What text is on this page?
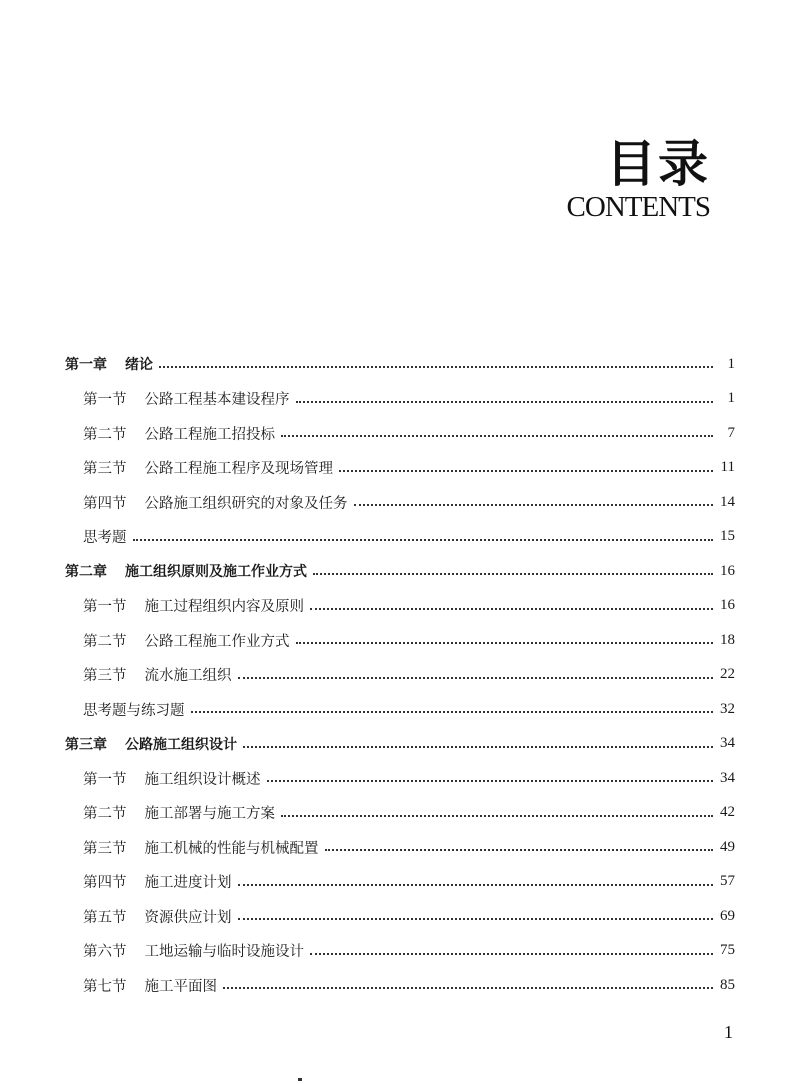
目录
CONTENTS
第一章 绪论	1
第一节 公路工程基本建设程序	1
第二节 公路工程施工招投标	7
第三节 公路工程施工程序及现场管理	11
第四节 公路施工组织研究的对象及任务	14
思考题	15
第二章 施工组织原则及施工作业方式	16
第一节 施工过程组织内容及原则	16
第二节 公路工程施工作业方式	18
第三节 流水施工组织	22
思考题与练习题	32
第三章 公路施工组织设计	34
第一节 施工组织设计概述	34
第二节 施工部署与施工方案	42
第三节 施工机械的性能与机械配置	49
第四节 施工进度计划	57
第五节 资源供应计划	69
第六节 工地运输与临时设施设计	75
第七节 施工平面图	85
1
